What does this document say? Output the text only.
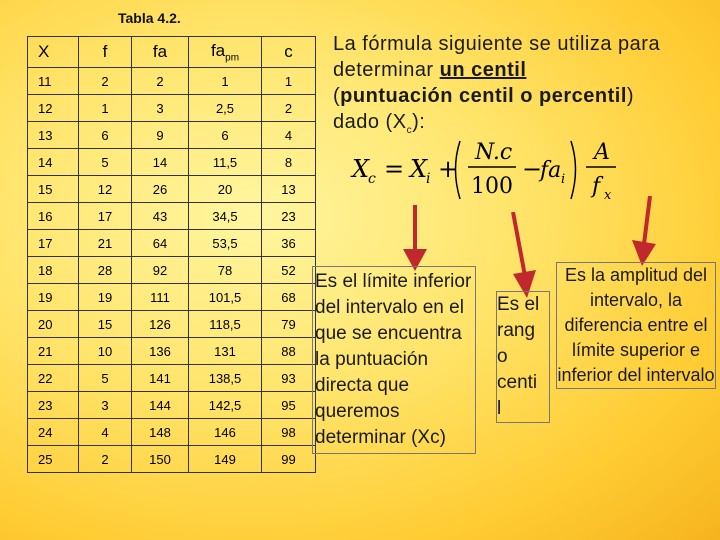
Tabla 4.2.
X	f	fa	$fa_{pm}$	c
11	2	2	1	1
12	1	3	2,5	2
13	6	9	6	4
14	5	14	11,5	8
15	12	26	20	13
16	17	43	34,5	23
17	21	64	53,5	36
18	28	92	78	52
19	19	111	101,5	68
20	15	126	118,5	79
21	10	136	131	88
22	5	141	138,5	93
23	3	144	142,5	95
24	4	148	146	98
25	2	150	149	99
La fórmula siguiente se utiliza para determinar un centil
(puntuación centil o percentil)
dado $(X_c)$:
X
c = X
i +
N.c
100
−
fa i
A
f x
Es el límite inferior del intervalo en el que se encuentra la puntuación directa que queremos determinar (Xc)
Es el
rang
o
centi
l
Es la amplitud del intervalo, la diferencia entre el límite superior e inferior del intervalo
